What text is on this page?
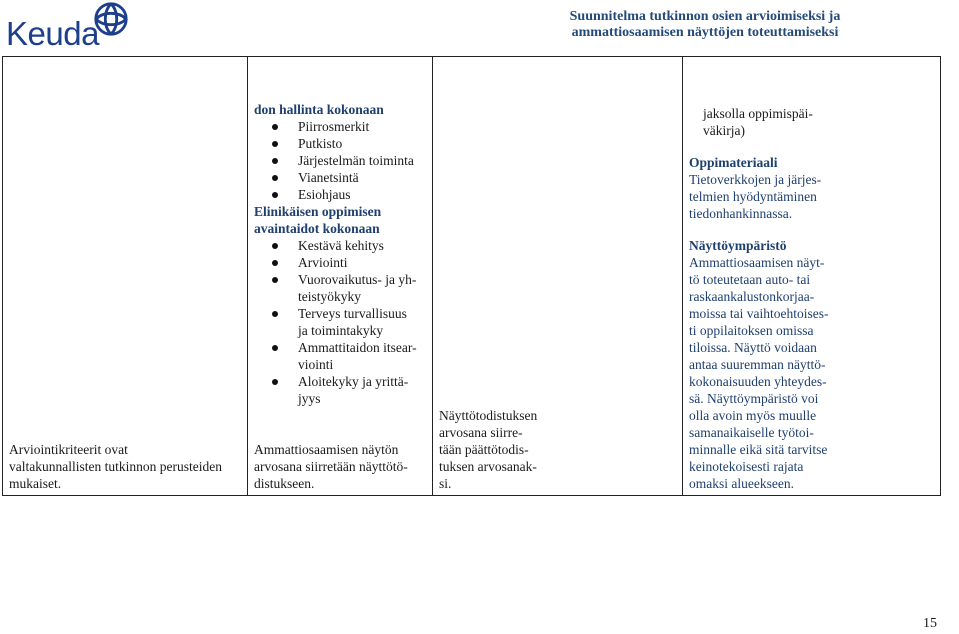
Keuda	Suunnitelma tutkinnon osien arvioimiseksi ja
ammattiosaamisen näyttöjen toteuttamiseksi
Arviointikriteerit ovat
valtakunnallisten tutkinnon perusteiden
mukaiset.

don hallinta kokonaan
Piirrosmerkit
Putkisto
Järjestelmän toiminta
Vianetsintä
Esiohjaus
Elinikäisen oppimisen
avaintaidot kokonaan
Kestävä kehitys
Arviointi
Vuorovaikutus- ja yh-
teistyökyky
Terveys turvallisuus
ja toimintakyky
Ammattitaidon itsear-
viointi
Aloitekyky ja yrittä-
jyys
Ammattiosaamisen näytön
arvosana siirretään näyttötö-
distukseen.

Näyttötodistuksen
arvosana siirre-
tään päättötodis-
tuksen arvosanak-
si.

jaksolla oppimispäi-
väkirja)
Oppimateriaali
Tietoverkkojen ja järjes-
telmien hyödyntäminen
tiedonhankinnassa.
Näyttöympäristö
Ammattiosaamisen näyt-
tö toteutetaan auto- tai
raskaankalustonkorjaa-
moissa tai vaihtoehtoises-
ti oppilaitoksen omissa
tiloissa. Näyttö voidaan
antaa suuremman näyttö-
kokonaisuuden yhteydes-
sä. Näyttöympäristö voi
olla avoin myös muulle
samanaikaiselle työtoi-
minnalle eikä sitä tarvitse
keinotekoisesti rajata
omaksi alueekseen.
15
